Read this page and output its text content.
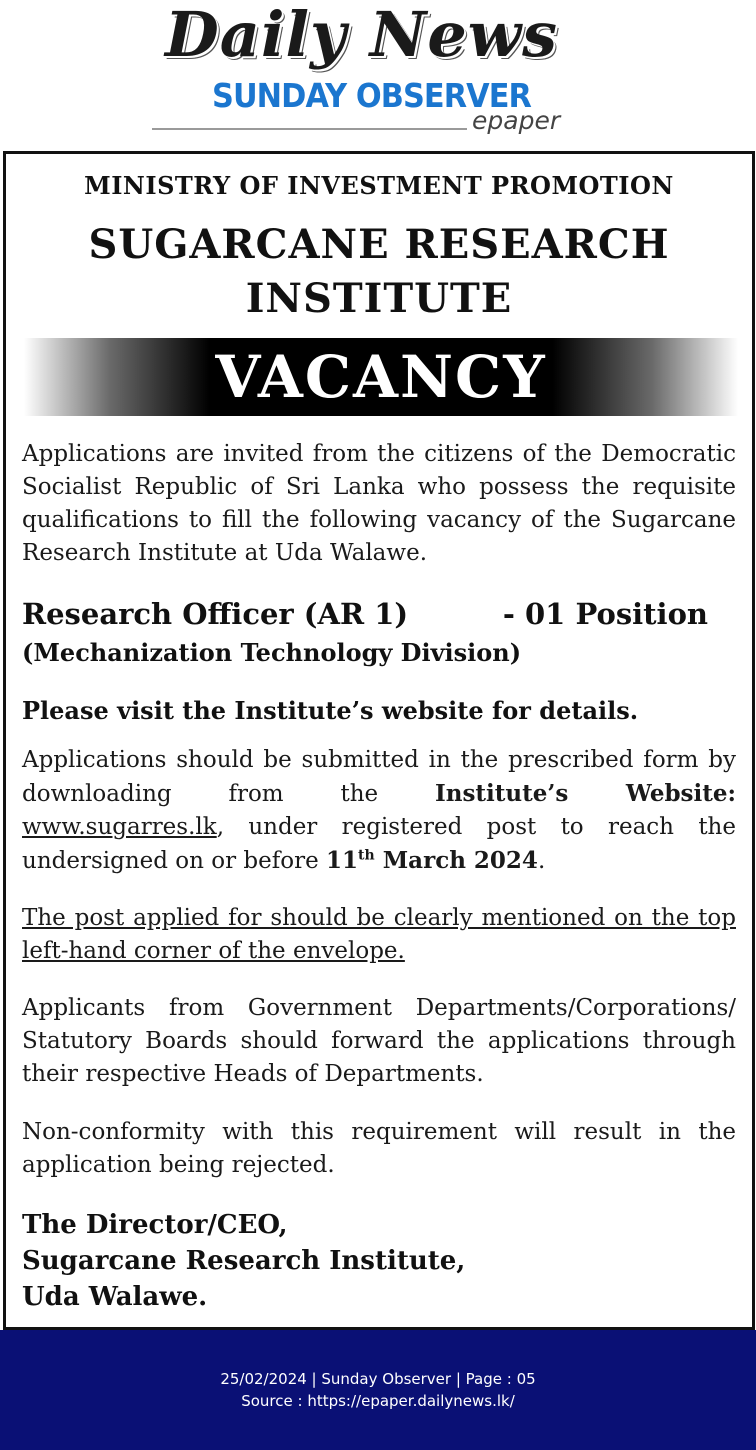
Daily News
SUNDAY OBSERVER
epaper
MINISTRY OF INVESTMENT PROMOTION
SUGARCANE RESEARCH
INSTITUTE
VACANCY
Applications are invited from the citizens of the Democratic Socialist Republic of Sri Lanka who possess the requisite qualifications to fill the following vacancy of the Sugarcane Research Institute at Uda Walawe.
Research Officer (AR 1)	- 01 Position
(Mechanization Technology Division)
Please visit the Institute’s website for details.
Applications should be submitted in the prescribed form by downloading from the Institute’s Website: www.sugarres.lk, under registered post to reach the undersigned on or before 11th March 2024.
The post applied for should be clearly mentioned on the top left-hand corner of the envelope.
Applicants from Government Departments/Corporations/ Statutory Boards should forward the applications through their respective Heads of Departments.
Non-conformity with this requirement will result in the application being rejected.
The Director/CEO,
Sugarcane Research Institute,
Uda Walawe.
25/02/2024 | Sunday Observer | Page : 05
Source : https://epaper.dailynews.lk/
